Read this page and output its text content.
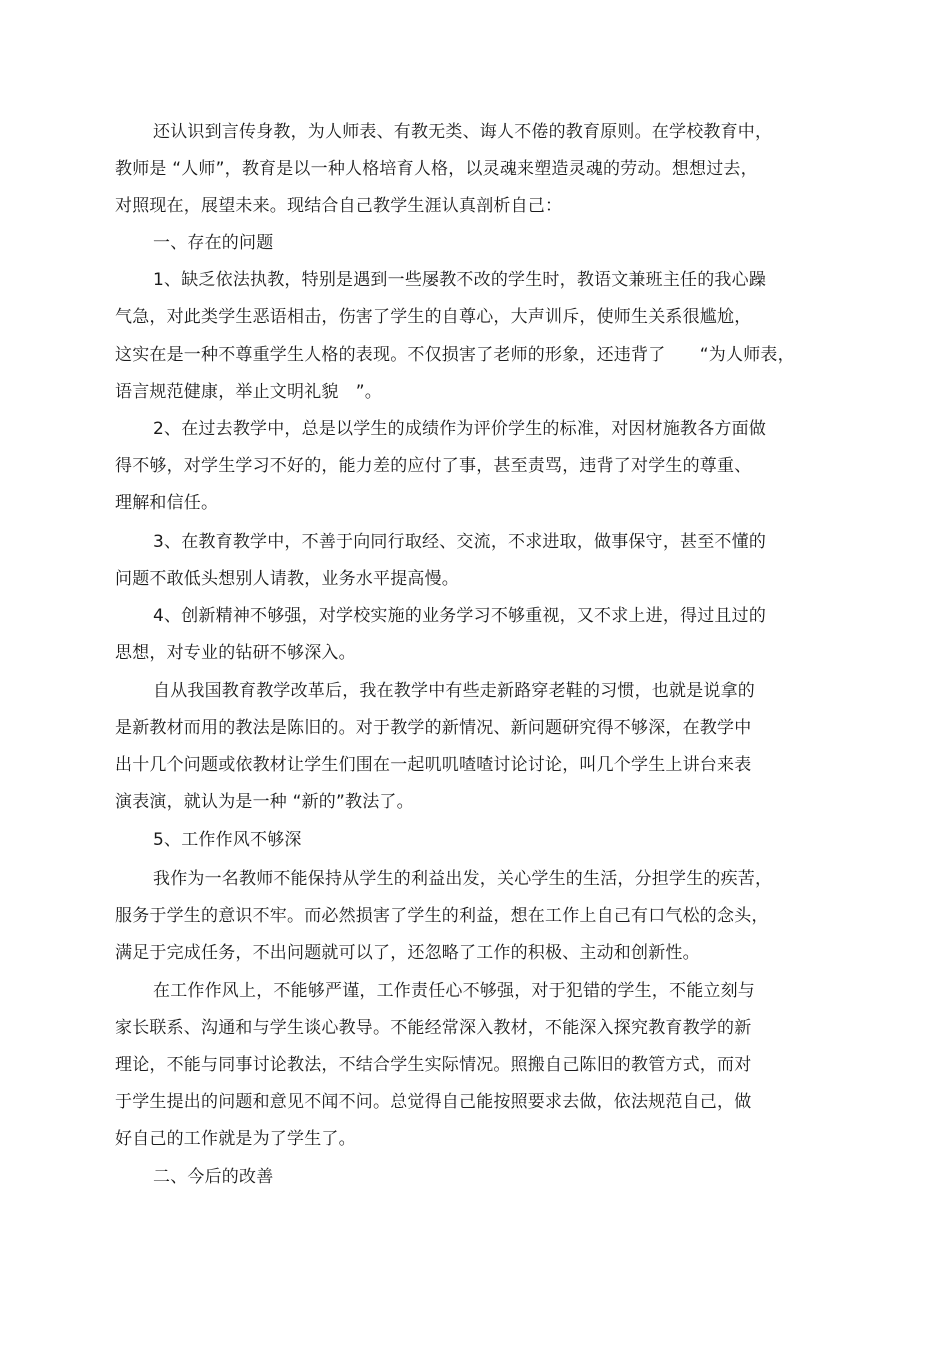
还认识到言传身教，为人师表、有教无类、诲人不倦的教育原则。在学校教育中，
教师是 “人师”，教育是以一种人格培育人格，以灵魂来塑造灵魂的劳动。想想过去，
对照现在，展望未来。现结合自己教学生涯认真剖析自己：
一、存在的问题
1、缺乏依法执教，特别是遇到一些屡教不改的学生时，教语文兼班主任的我心躁
气急，对此类学生恶语相击，伤害了学生的自尊心，大声训斥，使师生关系很尴尬，
这实在是一种不尊重学生人格的表现。不仅损害了老师的形象，还违背了　　“为人师表，
语言规范健康，举止文明礼貌　”。
2、在过去教学中，总是以学生的成绩作为评价学生的标准，对因材施教各方面做
得不够，对学生学习不好的，能力差的应付了事，甚至责骂，违背了对学生的尊重、
理解和信任。
3、在教育教学中，不善于向同行取经、交流，不求进取，做事保守，甚至不懂的
问题不敢低头想别人请教，业务水平提高慢。
4、创新精神不够强，对学校实施的业务学习不够重视，又不求上进，得过且过的
思想，对专业的钻研不够深入。
自从我国教育教学改革后，我在教学中有些走新路穿老鞋的习惯，也就是说拿的
是新教材而用的教法是陈旧的。对于教学的新情况、新问题研究得不够深，在教学中
出十几个问题或依教材让学生们围在一起叽叽喳喳讨论讨论，叫几个学生上讲台来表
演表演，就认为是一种 “新的”教法了。
5、工作作风不够深
我作为一名教师不能保持从学生的利益出发，关心学生的生活，分担学生的疾苦，
服务于学生的意识不牢。而必然损害了学生的利益，想在工作上自己有口气松的念头，
满足于完成任务，不出问题就可以了，还忽略了工作的积极、主动和创新性。
在工作作风上，不能够严谨，工作责任心不够强，对于犯错的学生，不能立刻与
家长联系、沟通和与学生谈心教导。不能经常深入教材，不能深入探究教育教学的新
理论，不能与同事讨论教法，不结合学生实际情况。照搬自己陈旧的教管方式，而对
于学生提出的问题和意见不闻不问。总觉得自己能按照要求去做，依法规范自己，做
好自己的工作就是为了学生了。
二、今后的改善
